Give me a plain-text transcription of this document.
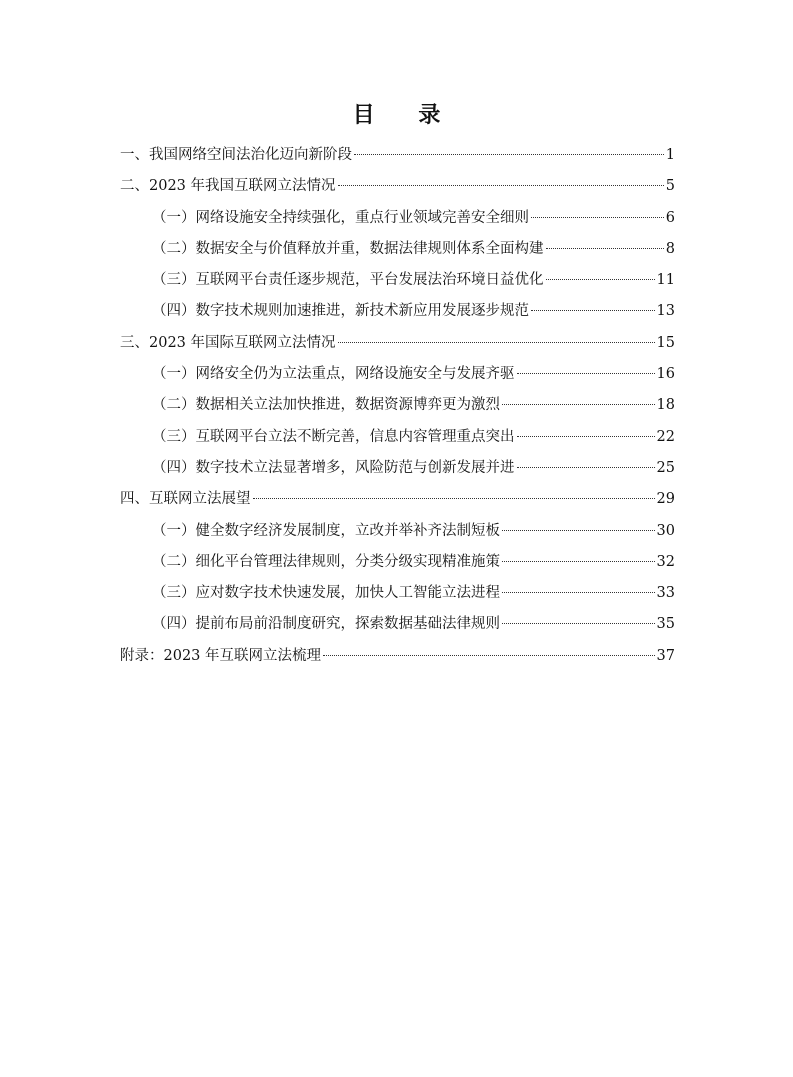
目 录
一、我国网络空间法治化迈向新阶段	1
二、2023 年我国互联网立法情况	5
（一）网络设施安全持续强化，重点行业领域完善安全细则	6
（二）数据安全与价值释放并重，数据法律规则体系全面构建	8
（三）互联网平台责任逐步规范，平台发展法治环境日益优化	11
（四）数字技术规则加速推进，新技术新应用发展逐步规范	13
三、2023 年国际互联网立法情况	15
（一）网络安全仍为立法重点，网络设施安全与发展齐驱	16
（二）数据相关立法加快推进，数据资源博弈更为激烈	18
（三）互联网平台立法不断完善，信息内容管理重点突出	22
（四）数字技术立法显著增多，风险防范与创新发展并进	25
四、互联网立法展望	29
（一）健全数字经济发展制度，立改并举补齐法制短板	30
（二）细化平台管理法律规则，分类分级实现精准施策	32
（三）应对数字技术快速发展，加快人工智能立法进程	33
（四）提前布局前沿制度研究，探索数据基础法律规则	35
附录：2023 年互联网立法梳理	37
